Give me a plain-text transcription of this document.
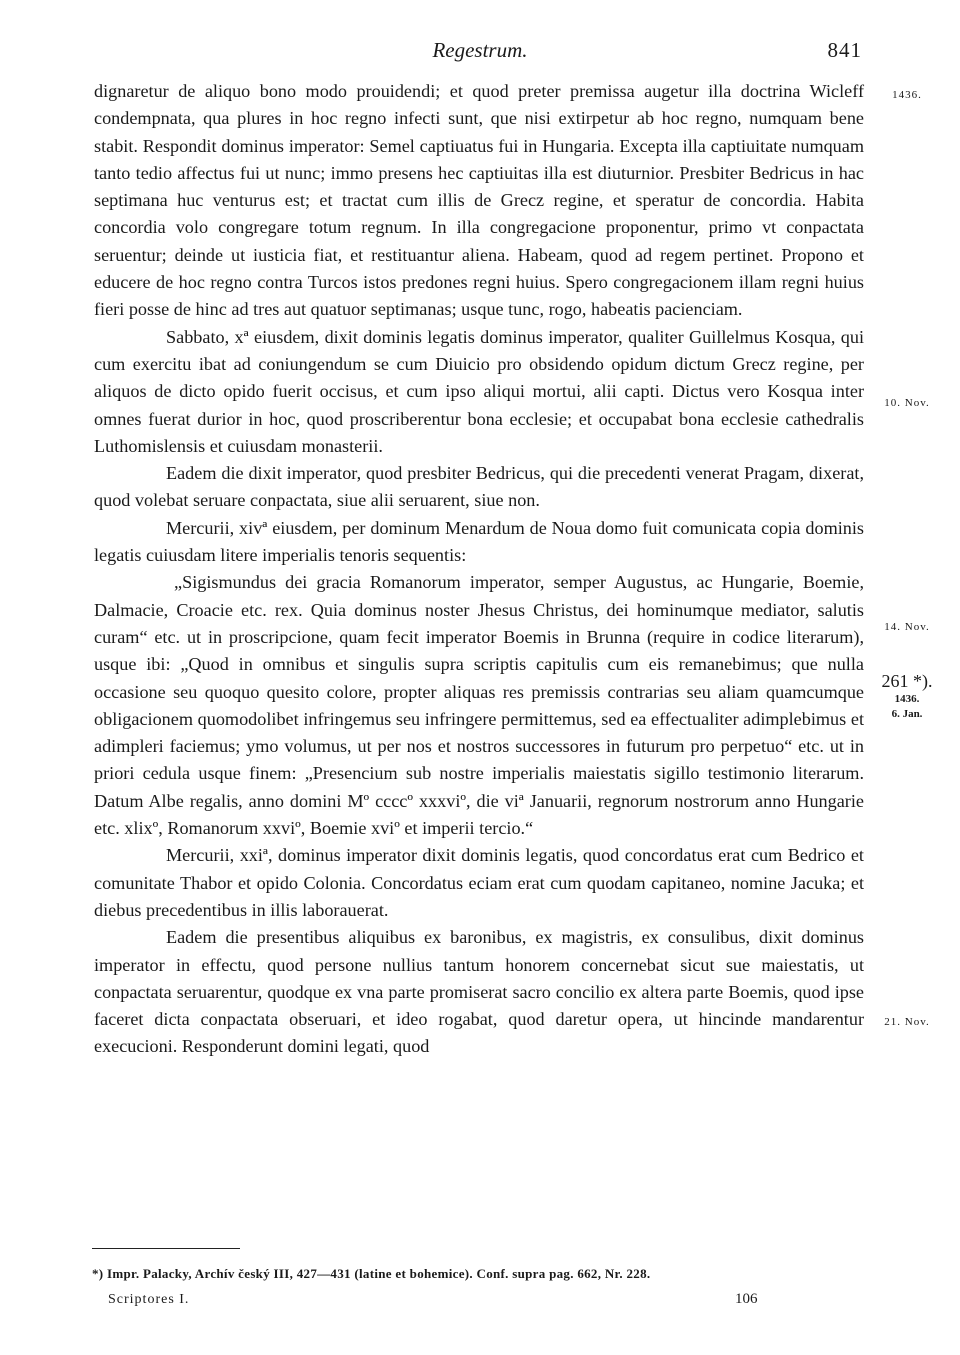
Regestrum.	841

dignaretur de aliquo bono modo prouidendi; et quod preter premissa augetur illa doctrina Wicleff condempnata, qua plures in hoc regno infecti sunt, que nisi extirpetur ab hoc regno, numquam bene stabit. Respondit dominus imperator: Semel captiuatus fui in Hungaria. Excepta illa captiuitate numquam tanto tedio affectus fui ut nunc; immo presens hec captiuitas illa est diuturnior. Presbiter Bedricus in hac septimana huc venturus est; et tractat cum illis de Grecz regine, et speratur de concordia. Habita concordia volo congregare totum regnum. In illa congregacione proponentur, primo vt conpactata seruentur; deinde ut iusticia fiat, et restituantur aliena. Habeam, quod ad regem pertinet. Propono et educere de hoc regno contra Turcos istos predones regni huius. Spero congregacionem illam regni huius fieri posse de hinc ad tres aut quatuor septimanas; usque tunc, rogo, habeatis pacienciam.

Sabbato, xª eiusdem, dixit dominis legatis dominus imperator, qualiter Guillelmus Kosqua, qui cum exercitu ibat ad coniungendum se cum Diuicio pro obsidendo opidum dictum Grecz regine, per aliquos de dicto opido fuerit occisus, et cum ipso aliqui mortui, alii capti. Dictus vero Kosqua inter omnes fuerat durior in hoc, quod proscriberentur bona ecclesie; et occupabat bona ecclesie cathedralis Luthomislensis et cuiusdam monasterii.

Eadem die dixit imperator, quod presbiter Bedricus, qui die precedenti venerat Pragam, dixerat, quod volebat seruare conpactata, siue alii seruarent, siue non.

Mercurii, xivª eiusdem, per dominum Menardum de Noua domo fuit comunicata copia dominis legatis cuiusdam litere imperialis tenoris sequentis:

„Sigismundus dei gracia Romanorum imperator, semper Augustus, ac Hungarie, Boemie, Dalmacie, Croacie etc. rex. Quia dominus noster Jhesus Christus, dei hominumque mediator, salutis curam“ etc. ut in proscripcione, quam fecit imperator Boemis in Brunna (require in codice literarum), usque ibi: „Quod in omnibus et singulis supra scriptis capitulis cum eis remanebimus; que nulla occasione seu quoquo quesito colore, propter aliquas res premissis contrarias seu aliam quamcumque obligacionem quomodolibet infringemus seu infringere permittemus, sed ea effectualiter adimplebimus et adimpleri faciemus; ymo volumus, ut per nos et nostros successores in futurum pro perpetuo“ etc. ut in priori cedula usque finem: „Presencium sub nostre imperialis maiestatis sigillo testimonio literarum. Datum Albe regalis, anno domini Mº ccccº xxxviº, die viª Januarii, regnorum nostrorum anno Hungarie etc. xlixº, Romanorum xxviº, Boemie xviº et imperii tercio.“

Mercurii, xxiª, dominus imperator dixit dominis legatis, quod concordatus erat cum Bedrico et comunitate Thabor et opido Colonia. Concordatus eciam erat cum quodam capitaneo, nomine Jacuka; et diebus precedentibus in illis laborauerat.

Eadem die presentibus aliquibus ex baronibus, ex magistris, ex consulibus, dixit dominus imperator in effectu, quod persone nullius tantum honorem concernebat sicut sue maiestatis, ut conpactata seruarentur, quodque ex vna parte promiserat sacro concilio ex altera parte Boemis, quod ipse faceret dicta conpactata obseruari, et ideo rogabat, quod daretur opera, ut hincinde mandarentur execucioni. Responderunt domini legati, quod

1436.
10. Nov.
14. Nov.
261 *).
1436.
6. Jan.
21. Nov.
*) Impr. Palacky, Archív český III, 427—431 (latine et bohemice). Conf. supra pag. 662, Nr. 228.
Scriptores I.	106
